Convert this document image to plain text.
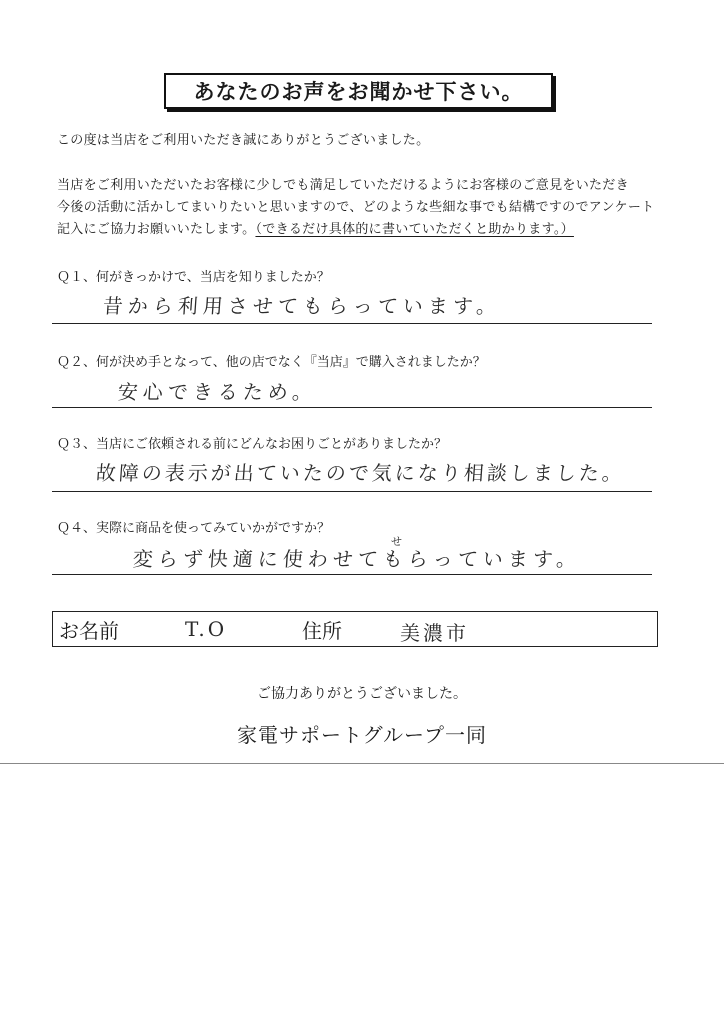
あなたのお声をお聞かせ下さい。
この度は当店をご利用いただき誠にありがとうございました。
当店をご利用いただいたお客様に少しでも満足していただけるようにお客様のご意見をいただき
今後の活動に活かしてまいりたいと思いますので、どのような些細な事でも結構ですのでアンケート
記入にご協力お願いいたします。（できるだけ具体的に書いていただくと助かります。）
Ｑ１、何がきっかけで、当店を知りましたか？
昔から利用させてもらっています。
Ｑ２、何が決め手となって、他の店でなく『当店』で購入されましたか？
安心できるため。
Ｑ３、当店にご依頼される前にどんなお困りごとがありましたか？
故障の表示が出ていたので気になり相談しました。
Ｑ４、実際に商品を使ってみていかがですか？
せ
変らず快適に使わせてもらっています。
お名前	T.O	住所	美濃市
ご協力ありがとうございました。
家電サポートグループ一同
